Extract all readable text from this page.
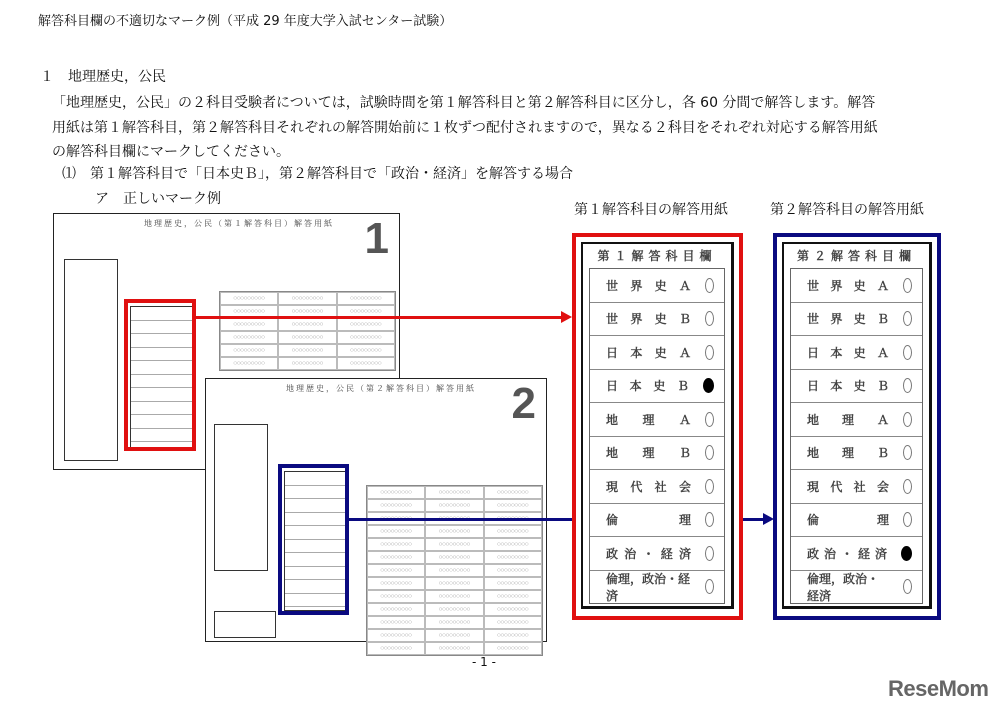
解答科目欄の不適切なマーク例（平成 29 年度大学入試センター試験）
１　地理歴史，公民
「地理歴史，公民」の２科目受験者については，試験時間を第１解答科目と第２解答科目に区分し，各 60 分間で解答します。解答
用紙は第１解答科目，第２解答科目それぞれの解答開始前に１枚ずつ配付されますので，異なる２科目をそれぞれ対応する解答用紙
の解答科目欄にマークしてください。
⑴　第１解答科目で「日本史Ｂ」，第２解答科目で「政治・経済」を解答する場合
ア　正しいマーク例
地理歴史，公民（第１解答科目）解答用紙 1
○○○○○○○○○	○○○○○○○○○	○○○○○○○○○
○○○○○○○○○	○○○○○○○○○	○○○○○○○○○
○○○○○○○○○	○○○○○○○○○	○○○○○○○○○
○○○○○○○○○	○○○○○○○○○	○○○○○○○○○
○○○○○○○○○	○○○○○○○○○	○○○○○○○○○
○○○○○○○○○	○○○○○○○○○	○○○○○○○○○
地理歴史，公民（第２解答科目）解答用紙 2
○○○○○○○○○	○○○○○○○○○	○○○○○○○○○
○○○○○○○○○	○○○○○○○○○	○○○○○○○○○
○○○○○○○○○	○○○○○○○○○	○○○○○○○○○
○○○○○○○○○	○○○○○○○○○	○○○○○○○○○
○○○○○○○○○	○○○○○○○○○	○○○○○○○○○
○○○○○○○○○	○○○○○○○○○	○○○○○○○○○
○○○○○○○○○	○○○○○○○○○	○○○○○○○○○
○○○○○○○○○	○○○○○○○○○	○○○○○○○○○
○○○○○○○○○	○○○○○○○○○	○○○○○○○○○
○○○○○○○○○	○○○○○○○○○	○○○○○○○○○
○○○○○○○○○	○○○○○○○○○	○○○○○○○○○
○○○○○○○○○	○○○○○○○○○	○○○○○○○○○
第１解答科目の解答用紙	第２解答科目の解答用紙
第１解答科目欄
世 界 史 Ａ
世 界 史 Ｂ
日 本 史 Ａ
日 本 史 Ｂ
地 理 Ａ
地 理 Ｂ
現 代 社 会
倫	理
政 治 ・ 経 済
倫理，政治・経済
第２解答科目欄
世 界 史 Ａ
世 界 史 Ｂ
日 本 史 Ａ
日 本 史 Ｂ
地 理 Ａ
地 理 Ｂ
現 代 社 会
倫	理
政 治 ・ 経 済
倫理，政治・経済
- 1 -
ReseMom
